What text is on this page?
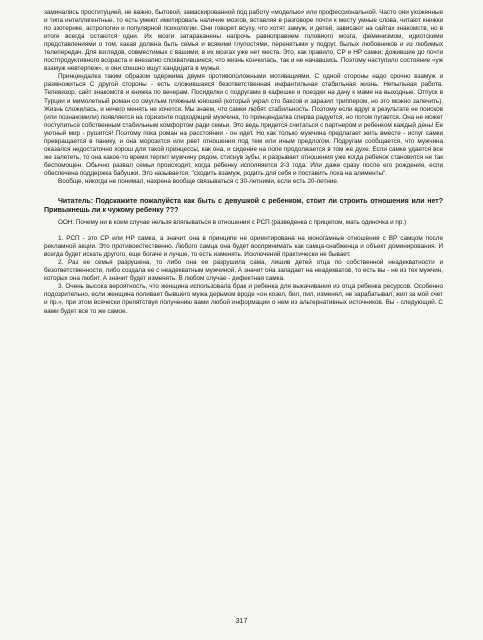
заминались проституцией, не важно, бытовой, замаскированной под работу «моделью» или профессиональной. Часто они ухоженные и типа интеллигентные, то есть умеют имитировать наличие мозгов, вставляя в разговоре почти к месту умные слова, читают книжки по эзотерике, астрологии и популярной психологии. Они говорят всуху, что хотят замуж, и детей, зависают на сайтах знакомств, но в итоге всегда остаются одни. Их мозги затараканены напрочь равноправием головного мозга, феминизмом, идиотскими представлениями о том, какая должна быть семья и всякими глупостями, перенятыми у подруг, былых любовников и из любимых телепередач. Для взглядов, совместимых с вашими, в их мозгах уже нет места. Это, как правило, СР и НР самки, дожившие до почти постпродуктивного возраста и внезапно спохватившиеся, что жизнь кончилась, так и не начавшись. Поэтому наступило состояние «уж взамуж невтерпеж», и они спешно ищут кандидата в мужья.

Принцендалка таким образом одержима двумя противоположными мотивациями. С одной стороны надо срочно взамуж и размножиться С другой стороны - есть сложившаяся безответственная инфантильная стабильная жизнь. Непыльная работа. Телевизор, сайт знакомств и книжка по вечерам. Посиделки с подругами в кафешке и поездки на дачу к маме на выходные. Отпуск в Турции и мимолетный роман со смуглым пляжным юношей (который украл сто баксов и заразил триппером, но это можно залечить). Жизнь сложилась, и ничего менять не хочется. Мы знаем, что самки любят стабильность. Поэтому если вдруг в результате ее поисков (или познакомили) появляется на горизонте подходящий мужчина, то принцендалка сперва радуется, но потом пугается. Она не может поступиться собственным стабильным комфортом ради семьи. Это ведь придется считаться с партнером и ребенком каждый день! Ее уютный мир - рушится! Поэтому пока роман на расстоянии - он идет. Но как только мужчина предлагает жить вместе - испуг самки превращается в панику, и она морозится или рвет отношения под тем или иным предлогом. Подругам сообщается, что мужчина оказался недостаточно хорош для такой принцессы, как она, и сидение на попе продолжается в том же духе. Если самке удается все же залететь, то она какое-то время терпит мужчину рядом, стиснув зубы, и разрывает отношения уже когда ребенок становится не так беспомощен. Обычно развал семьи происходит, когда ребенку исполняется 2-3 года. Или даже сразу после его рождения, если обеспечена поддержка бабушки. Это называется: "сходить взамуж, родить для себя и поставить лоха на алименты".

Вообще, никогда не понимал, нахрена вообще связываться с 30-летними, если есть 20-летние.

Читатель: Подскажите пожалуйста как быть с девушкой с ребенком, стоит ли строить отношения или нет? Привыкнешь ли к чужому ребенку ???

ООН: Почему ни в коем случае нельзя вляпываться в отношения с РСП (разведенка с прицепом, мать одиночка и пр.)

1. РСП - это СР или НР самка, а значит она в принципе не ориентирована на моногамные отношения с ВР самцом после рекламной акции. Это противоестественно. Любого самца она будет воспринимать как самца-снабженца и объект доминирования. И всегда будет искать другого, еще богаче и лучше, то есть изменять. Исключений практически не бывает.

2. Раз ее семья разрушена, то либо она ее разрушила сама, лишив детей отца по собственной неадекватности и безответственности, либо создала ее с неадекватным мужчиной. А значит она западает на неадекватов, то есть вы - не из тех мужчин, которых она любит. А значит будет изменять. В любом случае - дефектная самка.

3. Очень высока вероятность, что женщина использовала брак и ребенка для выкачивания из отца ребенка ресурсов. Особенно подозрительно, если женщина поливает бывшего мужа дерьмом вроде «он козел, бил, пил, изменял, не зарабатывал, жил за мой счет и пр.», при этом всячески препятствуя получению вами любой информации о нем из альтернативных источников. Вы - следующий. С вами будет все то же самое.

317
